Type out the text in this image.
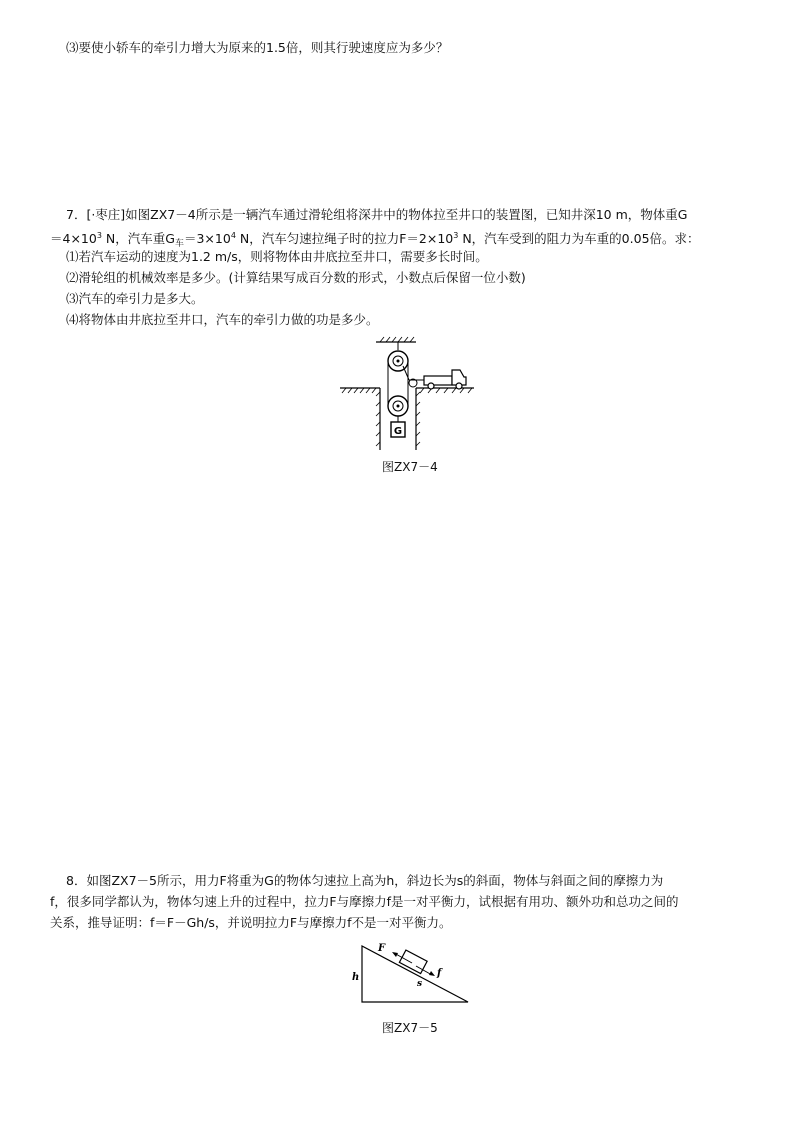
⑶要使小轿车的牵引力增大为原来的1.5倍，则其行驶速度应为多少？
7．[·枣庄]如图ZX7－4所示是一辆汽车通过滑轮组将深井中的物体拉至井口的装置图，已知井深10 m，物体重G
$=4\times 10^3$ N，汽车重$G_车=3\times 10^4$ N，汽车匀速拉绳子时的拉力$F=2\times 10^3$ N，汽车受到的阻力为车重的0.05倍。求：
⑴若汽车运动的速度为1.2 m/s，则将物体由井底拉至井口，需要多长时间。
⑵滑轮组的机械效率是多少。(计算结果写成百分数的形式，小数点后保留一位小数)
⑶汽车的牵引力是多大。
⑷将物体由井底拉至井口，汽车的牵引力做的功是多少。
G
图ZX7－4
8．如图ZX7－5所示，用力F将重为G的物体匀速拉上高为h，斜边长为s的斜面，物体与斜面之间的摩擦力为
f，很多同学都认为，物体匀速上升的过程中，拉力F与摩擦力f是一对平衡力，试根据有用功、额外功和总功之间的
关系，推导证明：f＝F－Gh/s，并说明拉力F与摩擦力f不是一对平衡力。
F
f
h
s
图ZX7－5
